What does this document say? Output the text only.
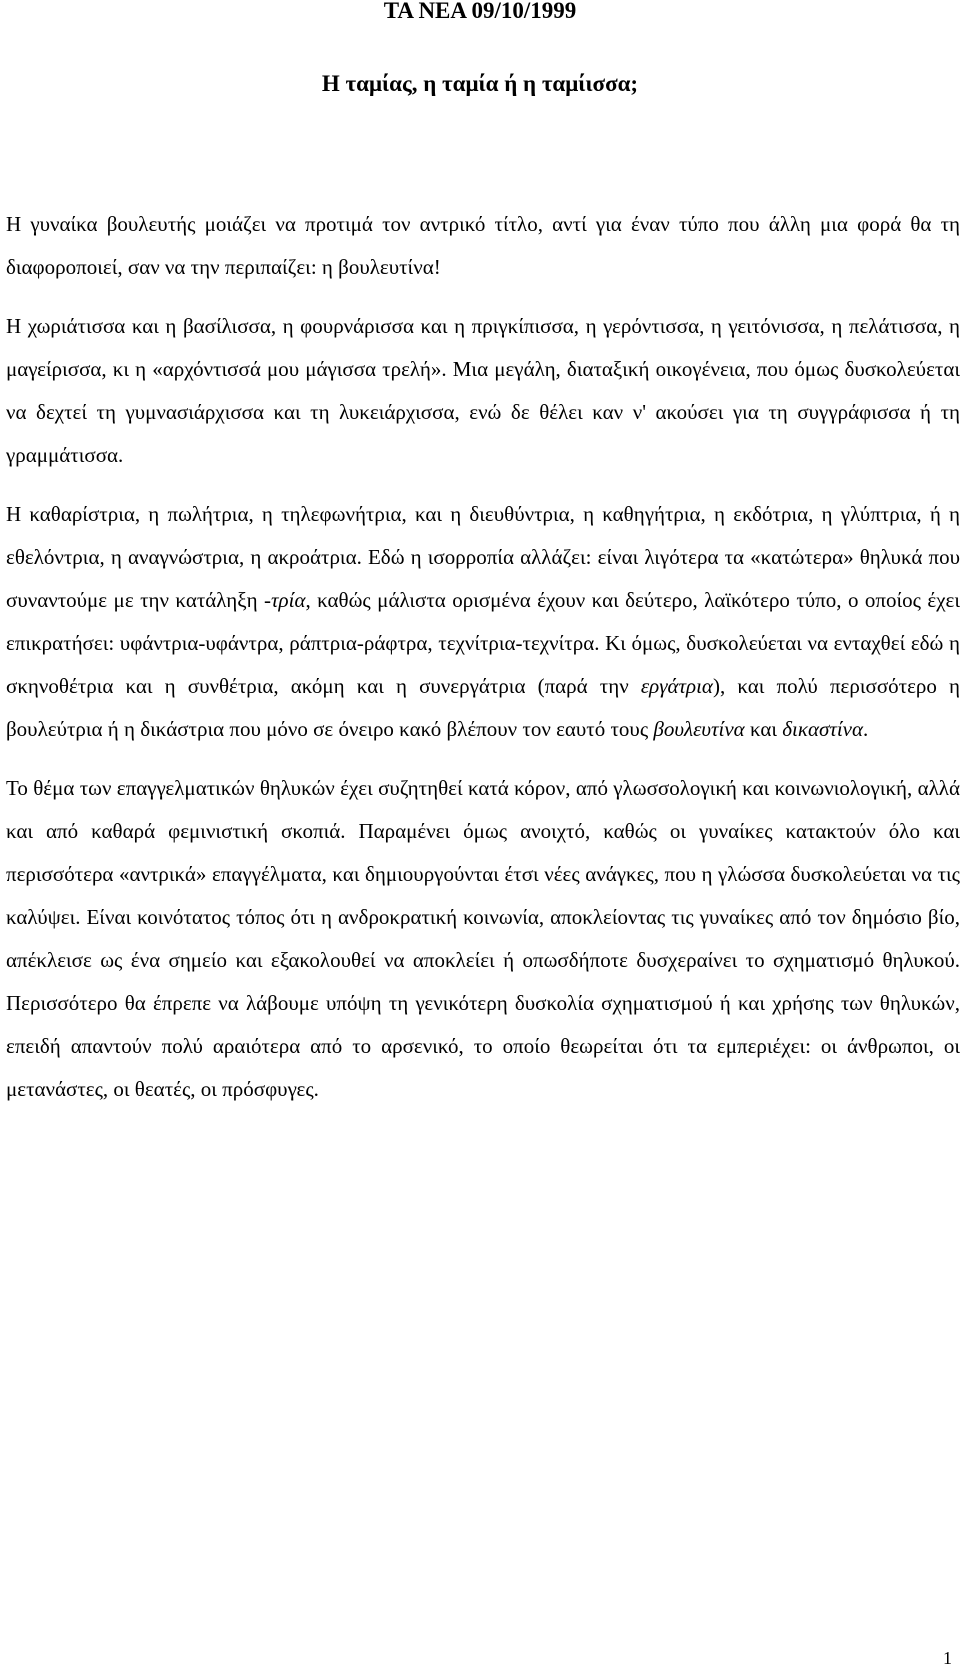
TA NEA 09/10/1999

Η ταμίας, η ταμία ή η ταμίισσα;

Η γυναίκα βουλευτής μοιάζει να προτιμά τον αντρικό τίτλο, αντί για έναν τύπο που άλλη μια φορά θα τη διαφοροποιεί, σαν να την περιπαίζει: η βουλευτίνα!

Η χωριάτισσα και η βασίλισσα, η φουρνάρισσα και η πριγκίπισσα, η γερόντισσα, η γειτόνισσα, η πελάτισσα, η μαγείρισσα, κι η «αρχόντισσά μου μάγισσα τρελή». Μια μεγάλη, διαταξική οικογένεια, που όμως δυσκολεύεται να δεχτεί τη γυμνασιάρχισσα και τη λυκειάρχισσα, ενώ δε θέλει καν ν' ακούσει για τη συγγράφισσα ή τη γραμμάτισσα.

Η καθαρίστρια, η πωλήτρια, η τηλεφωνήτρια, και η διευθύντρια, η καθηγήτρια, η εκδότρια, η γλύπτρια, ή η εθελόντρια, η αναγνώστρια, η ακροάτρια. Εδώ η ισορροπία αλλάζει: είναι λιγότερα τα «κατώτερα» θηλυκά που συναντούμε με την κατάληξη -τρία, καθώς μάλιστα ορισμένα έχουν και δεύτερο, λαϊκότερο τύπο, ο οποίος έχει επικρατήσει: υφάντρια-υφάντρα, ράπτρια-ράφτρα, τεχνίτρια-τεχνίτρα. Κι όμως, δυσκολεύεται να ενταχθεί εδώ η σκηνοθέτρια και η συνθέτρια, ακόμη και η συνεργάτρια (παρά την εργάτρια), και πολύ περισσότερο η βουλεύτρια ή η δικάστρια που μόνο σε όνειρο κακό βλέπουν τον εαυτό τους βουλευτίνα και δικαστίνα.

Το θέμα των επαγγελματικών θηλυκών έχει συζητηθεί κατά κόρον, από γλωσσολογική και κοινωνιολογική, αλλά και από καθαρά φεμινιστική σκοπιά. Παραμένει όμως ανοιχτό, καθώς οι γυναίκες κατακτούν όλο και περισσότερα «αντρικά» επαγγέλματα, και δημιουργούνται έτσι νέες ανάγκες, που η γλώσσα δυσκολεύεται να τις καλύψει. Είναι κοινότατος τόπος ότι η ανδροκρατική κοινωνία, αποκλείοντας τις γυναίκες από τον δημόσιο βίο, απέκλεισε ως ένα σημείο και εξακολουθεί να αποκλείει ή οπωσδήποτε δυσχεραίνει το σχηματισμό θηλυκού. Περισσότερο θα έπρεπε να λάβουμε υπόψη τη γενικότερη δυσκολία σχηματισμού ή και χρήσης των θηλυκών, επειδή απαντούν πολύ αραιότερα από το αρσενικό, το οποίο θεωρείται ότι τα εμπεριέχει: οι άνθρωποι, οι μετανάστες, οι θεατές, οι πρόσφυγες.

1
